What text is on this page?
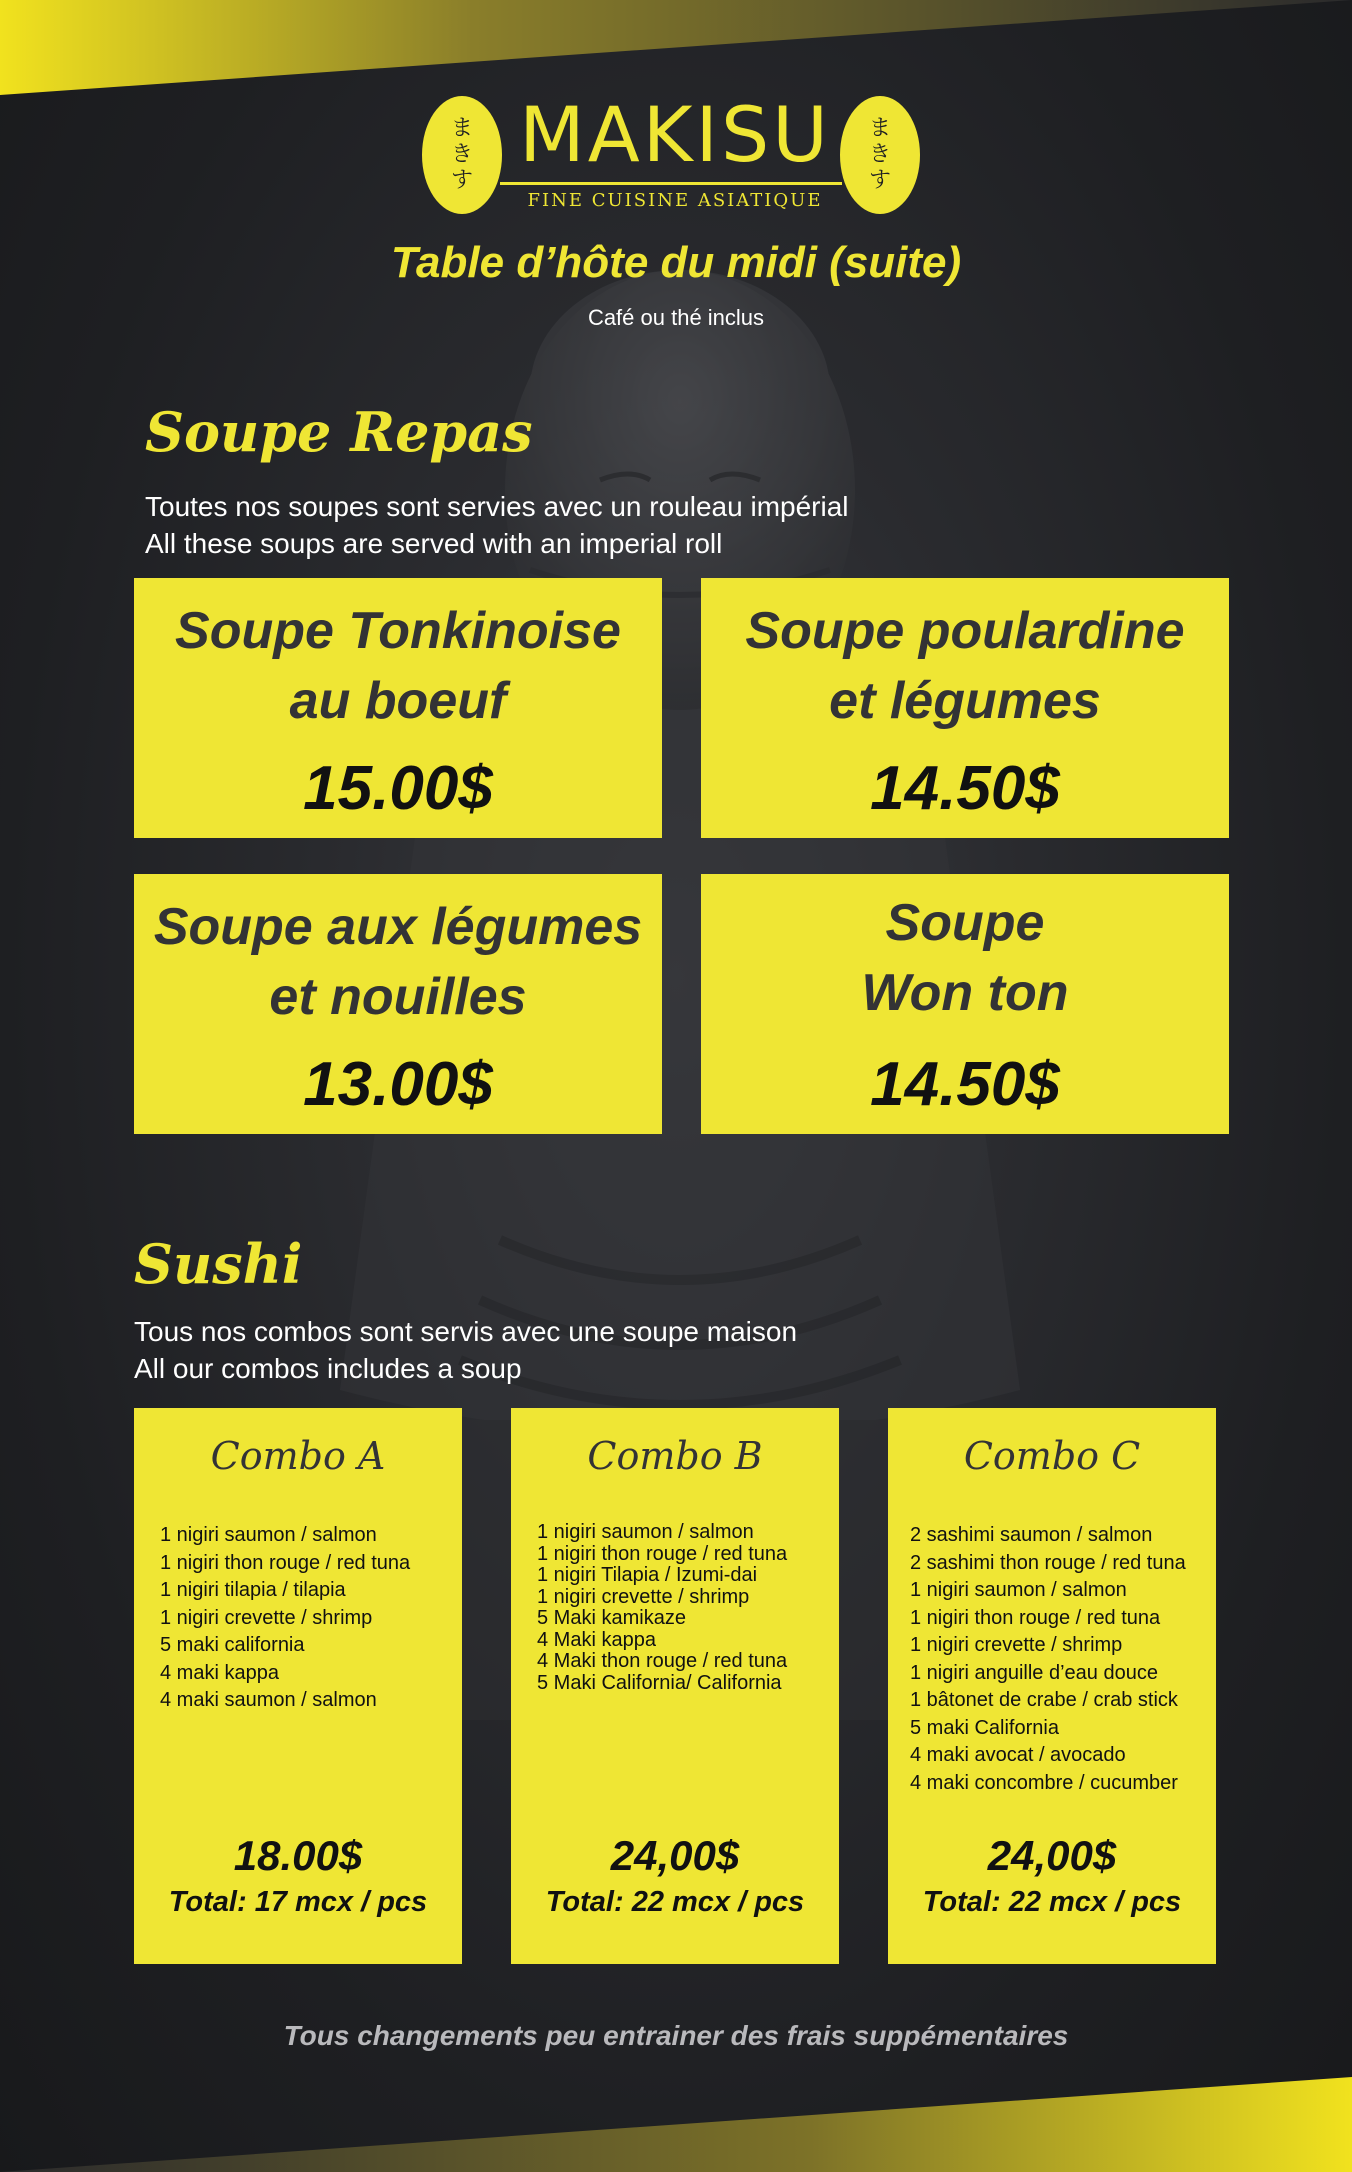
ま
き
す
MAKISU
FINE CUISINE ASIATIQUE
ま
き
す
Table d’hôte du midi (suite)
Café ou thé inclus
Soupe Repas
Toutes nos soupes sont servies avec un rouleau impérial
All these soups are served with an imperial roll
Soupe Tonkinoise
au boeuf
15.00$
Soupe poulardine
et légumes
14.50$
Soupe aux légumes
et nouilles
13.00$
Soupe
Won ton
14.50$
Sushi
Tous nos combos sont servis avec une soupe maison
All our combos includes a soup
Combo A
1 nigiri saumon / salmon
1 nigiri thon rouge / red tuna
1 nigiri tilapia / tilapia
1 nigiri crevette / shrimp
5 maki california
4 maki kappa
4 maki saumon / salmon
18.00$
Total: 17 mcx / pcs
Combo B
1 nigiri saumon / salmon
1 nigiri thon rouge / red tuna
1 nigiri Tilapia / Izumi-dai
1 nigiri crevette / shrimp
5 Maki kamikaze
4 Maki kappa
4 Maki thon rouge / red tuna
5 Maki California/ California
24,00$
Total: 22 mcx / pcs
Combo C
2 sashimi saumon / salmon
2 sashimi thon rouge / red tuna
1 nigiri saumon / salmon
1 nigiri thon rouge / red tuna
1 nigiri crevette / shrimp
1 nigiri anguille d’eau douce
1 bâtonet de crabe / crab stick
5 maki California
4 maki avocat / avocado
4 maki concombre / cucumber
24,00$
Total: 22 mcx / pcs
Tous changements peu entrainer des frais suppémentaires
